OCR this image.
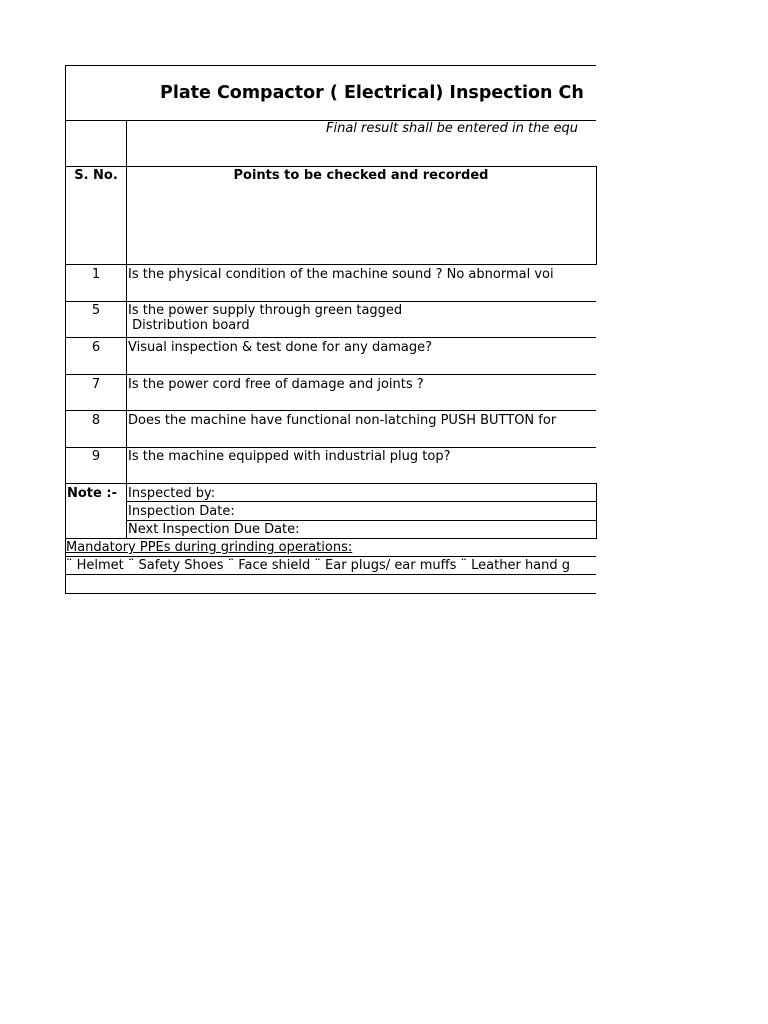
Plate Compactor ( Electrical) Inspection Ch
Final result shall be entered in the equ
S. No.	Points to be checked and recorded
1	Is the physical condition of the machine sound ? No abnormal voi
5	Is the power supply through green tagged
Distribution board
6	Visual inspection & test done for any damage?
7	Is the power cord free of damage and joints ?
8	Does the machine have functional non-latching PUSH BUTTON for
9	Is the machine equipped with industrial plug top?
Note :- Inspected by:
Inspection Date:
Next Inspection Due Date:
Mandatory PPEs during grinding operations:
¨ Helmet ¨ Safety Shoes ¨ Face shield ¨ Ear plugs/ ear muffs ¨ Leather hand g
